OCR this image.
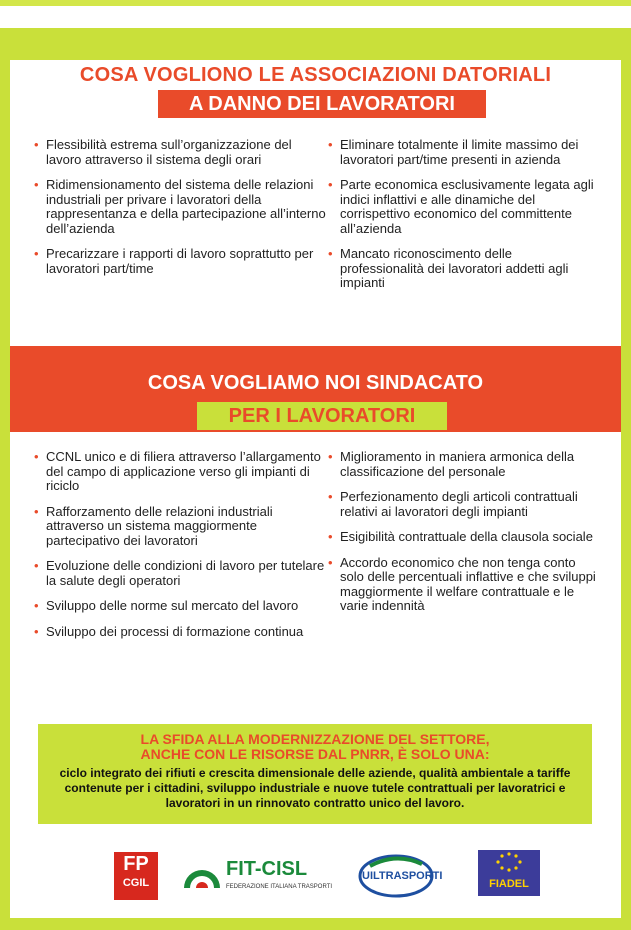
COSA VOGLIONO LE ASSOCIAZIONI DATORIALI
A DANNO DEI LAVORATORI
• Flessibilità estrema sull’organizzazione del lavoro attraverso il sistema degli orari
• Ridimensionamento del sistema delle relazioni industriali per privare i lavoratori della rappresentanza e della partecipazione all’interno dell’azienda
• Precarizzare i rapporti di lavoro soprattutto per lavoratori part/time
• Eliminare totalmente il limite massimo dei lavoratori part/time presenti in azienda
• Parte economica esclusivamente legata agli indici inflattivi e alle dinamiche del corrispettivo economico del committente all’azienda
• Mancato riconoscimento delle professionalità dei lavoratori addetti agli impianti
COSA VOGLIAMO NOI SINDACATO
PER I LAVORATORI
• CCNL unico e di filiera attraverso l’allargamento del campo di applicazione verso gli impianti di riciclo
• Rafforzamento delle relazioni industriali attraverso un sistema maggiormente partecipativo dei lavoratori
• Evoluzione delle condizioni di lavoro per tutelare la salute degli operatori
• Sviluppo delle norme sul mercato del lavoro
• Sviluppo dei processi di formazione continua
• Miglioramento in maniera armonica della classificazione del personale
• Perfezionamento degli articoli contrattuali relativi ai lavoratori degli impianti
• Esigibilità contrattuale della clausola sociale
• Accordo economico che non tenga conto solo delle percentuali inflattive e che sviluppi maggiormente il welfare contrattuale e le varie indennità
LA SFIDA ALLA MODERNIZZAZIONE DEL SETTORE,
ANCHE CON LE RISORSE DAL PNRR, È SOLO UNA:
ciclo integrato dei rifiuti e crescita dimensionale delle aziende, qualità ambientale a tariffe contenute per i cittadini, sviluppo industriale e nuove tutele contrattuali per lavoratrici e lavoratori in un rinnovato contratto unico del lavoro.
FP
CGIL
FIT-CISL
FEDERAZIONE ITALIANA TRASPORTI
UILTRASPORTI
FIADEL
